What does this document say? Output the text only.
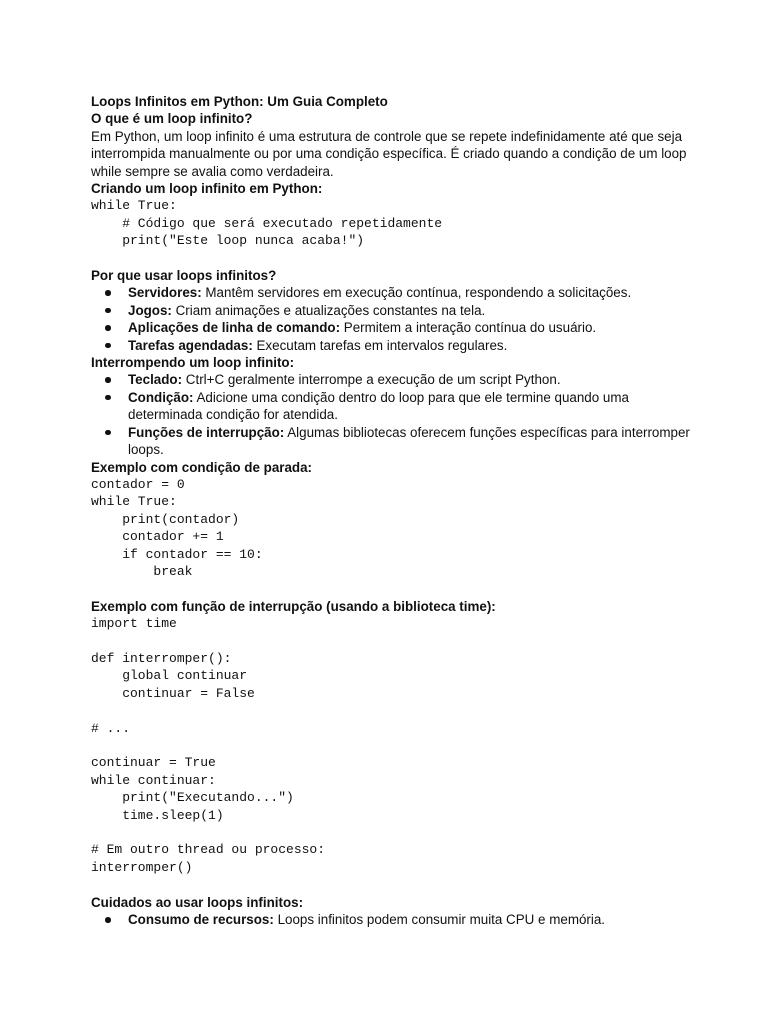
Loops Infinitos em Python: Um Guia Completo
O que é um loop infinito?
Em Python, um loop infinito é uma estrutura de controle que se repete indefinidamente até que seja interrompida manualmente ou por uma condição específica. É criado quando a condição de um loop while sempre se avalia como verdadeira.
Criando um loop infinito em Python:
while True:
# Código que será executado repetidamente
print("Este loop nunca acaba!")
Por que usar loops infinitos?
Servidores: Mantêm servidores em execução contínua, respondendo a solicitações.
Jogos: Criam animações e atualizações constantes na tela.
Aplicações de linha de comando: Permitem a interação contínua do usuário.
Tarefas agendadas: Executam tarefas em intervalos regulares.
Interrompendo um loop infinito:
Teclado: Ctrl+C geralmente interrompe a execução de um script Python.
Condição: Adicione uma condição dentro do loop para que ele termine quando uma determinada condição for atendida.
Funções de interrupção: Algumas bibliotecas oferecem funções específicas para interromper loops.
Exemplo com condição de parada:
contador = 0
while True:
print(contador)
contador += 1
if contador == 10:
break
Exemplo com função de interrupção (usando a biblioteca time):
import time

def interromper():
global continuar
continuar = False

# ...

continuar = True
while continuar:
print("Executando...")
time.sleep(1)

# Em outro thread ou processo:
interromper()
Cuidados ao usar loops infinitos:
Consumo de recursos: Loops infinitos podem consumir muita CPU e memória.
